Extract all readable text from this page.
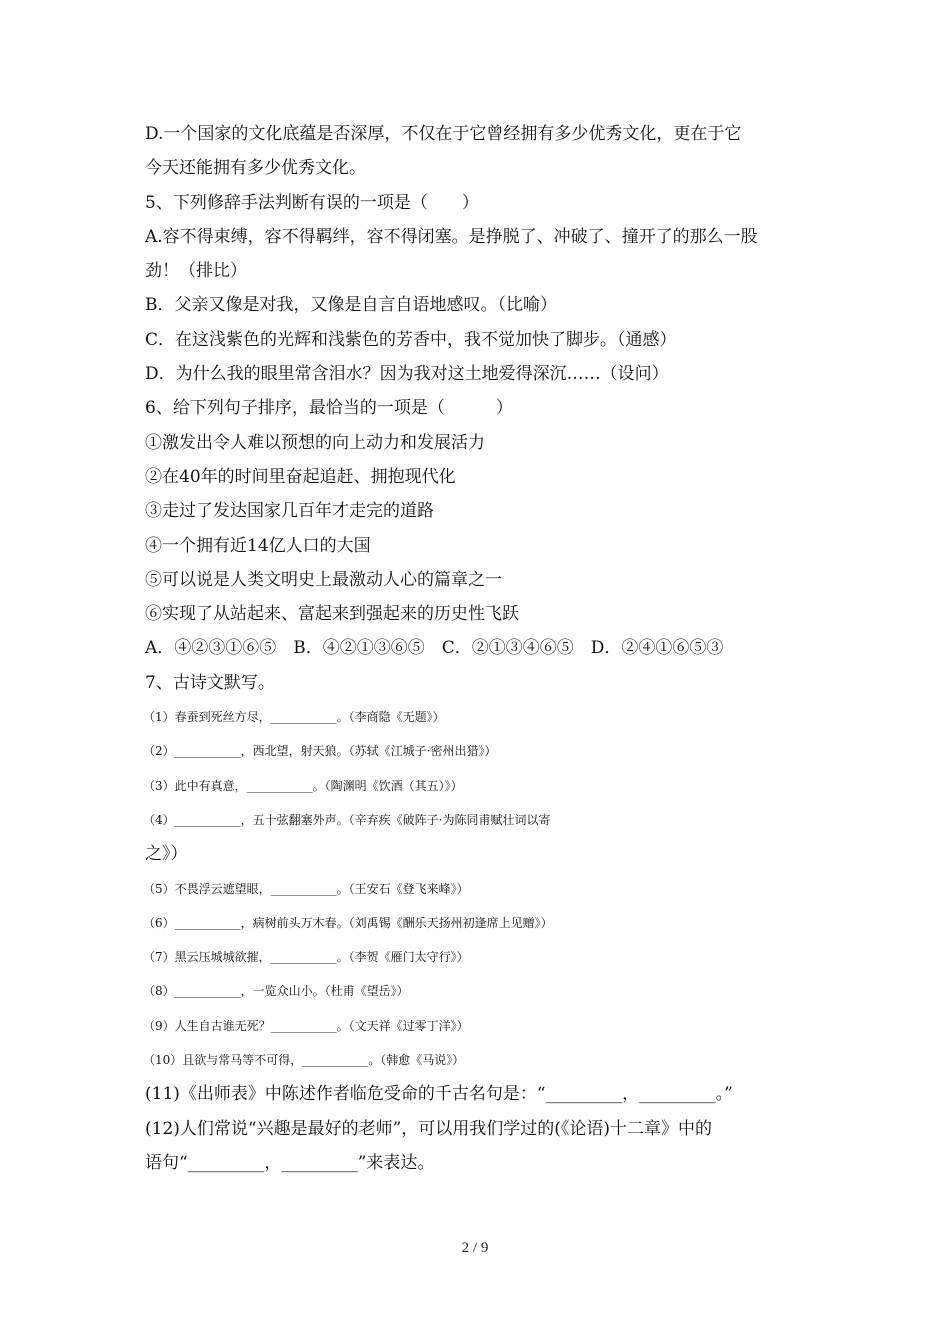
D.一个国家的文化底蕴是否深厚，不仅在于它曾经拥有多少优秀文化，更在于它
今天还能拥有多少优秀文化。
5、下列修辞手法判断有误的一项是（　　）
A.容不得束缚，容不得羁绊，容不得闭塞。是挣脱了、冲破了、撞开了的那么一股
劲！（排比）
B．父亲又像是对我，又像是自言自语地感叹。（比喻）
C．在这浅紫色的光辉和浅紫色的芳香中，我不觉加快了脚步。（通感）
D．为什么我的眼里常含泪水？因为我对这土地爱得深沉……（设问）
6、给下列句子排序，最恰当的一项是（　　　）
①激发出令人难以预想的向上动力和发展活力
②在40年的时间里奋起追赶、拥抱现代化
③走过了发达国家几百年才走完的道路
④一个拥有近14亿人口的大国
⑤可以说是人类文明史上最激动人心的篇章之一
⑥实现了从站起来、富起来到强起来的历史性飞跃
A．④②③①⑥⑤　B．④②①③⑥⑤　C．②①③④⑥⑤　D．②④①⑥⑤③
7、古诗文默写。
（1）春蚕到死丝方尽，___________。（李商隐《无题》）
（2）___________，西北望，射天狼。（苏轼《江城子·密州出猎》）
（3）此中有真意，___________。（陶渊明《饮酒（其五）》）
（4）___________，五十弦翻塞外声。（辛弃疾《破阵子·为陈同甫赋壮词以寄
之》）
（5）不畏浮云遮望眼，___________。（王安石《登飞来峰》）
（6）___________，病树前头万木春。（刘禹锡《酬乐天扬州初逢席上见赠》）
（7）黑云压城城欲摧，___________。（李贺《雁门太守行》）
（8）___________，一览众山小。（杜甫《望岳》）
（9）人生自古谁无死？___________。（文天祥《过零丁洋》）
（10）且欲与常马等不可得，___________。（韩愈《马说》）
(11)《出师表》中陈述作者临危受命的千古名句是：“_________，_________。”
(12)人们常说“兴趣是最好的老师”，可以用我们学过的(《论语)十二章》中的
语句“_________，_________”来表达。
2 / 9
